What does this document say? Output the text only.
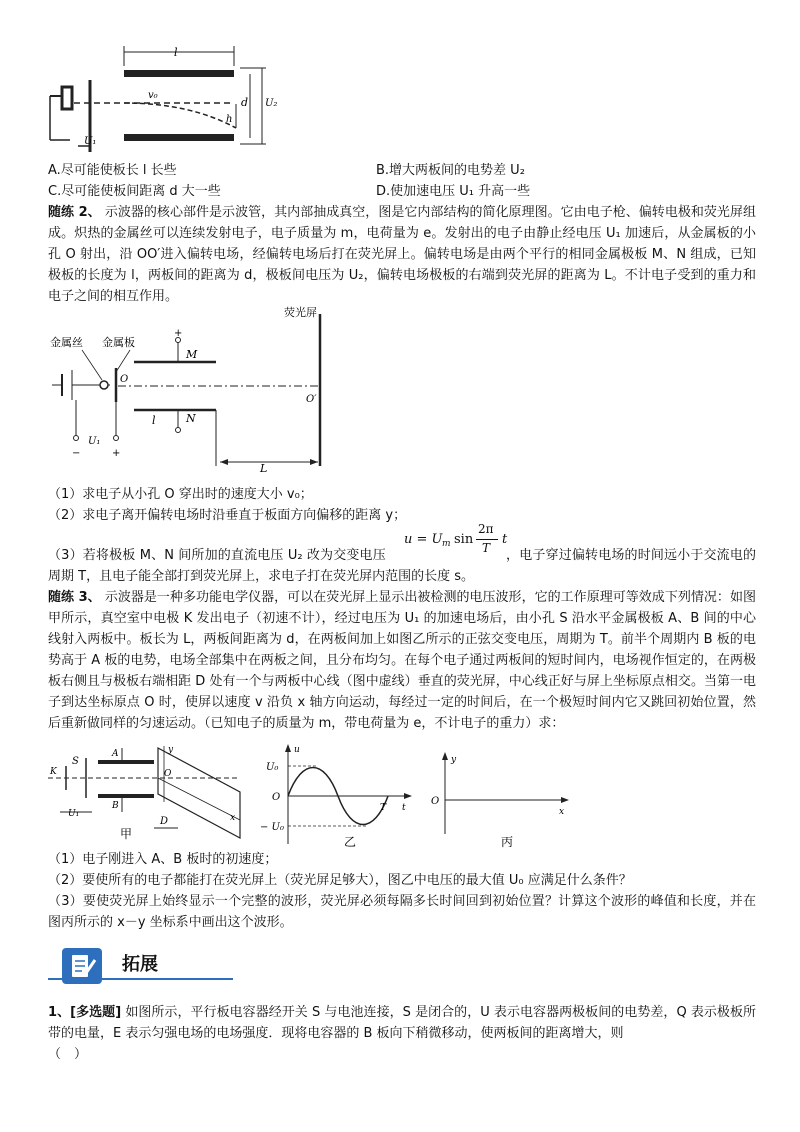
l
v₀
d U₂
h
U₁
A.尽可能使板长 l 长些	B.增大两板间的电势差 U₂
C.尽可能使板间距离 d 大一些	D.使加速电压 U₁ 升高一些
随练 2、 示波器的核心部件是示波管，其内部抽成真空，图是它内部结构的简化原理图。它由电子枪、偏转电极和荧光屏组成。炽热的金属丝可以连续发射电子，电子质量为 m，电荷量为 e。发射出的电子由静止经电压 U₁ 加速后，从金属板的小孔 O 射出，沿 OO′进入偏转电场，经偏转电场后打在荧光屏上。偏转电场是由两个平行的相同金属极板 M、N 组成，已知极板的长度为 l，两板间的距离为 d，极板间电压为 U₂，偏转电场极板的右端到荧光屏的距离为 L。不计电子受到的重力和电子之间的相互作用。
荧光屏
金属丝 金属板
M
N
O
O′
U₁
l
L
+
−	+
（1）求电子从小孔 O 穿出时的速度大小 v₀；
（2）求电子离开偏转电场时沿垂直于板面方向偏移的距离 y；
u = U m sin
2π
T
t
（3）若将极板 M、N 间所加的直流电压 U₂ 改为交变电压	，电子穿过偏转电场的时间远小于交流电的周期 T，且电子能全部打到荧光屏上，求电子打在荧光屏内范围的长度 s。
随练 3、 示波器是一种多功能电学仪器，可以在荧光屏上显示出被检测的电压波形，它的工作原理可等效成下列情况：如图甲所示，真空室中电极 K 发出电子（初速不计），经过电压为 U₁ 的加速电场后，由小孔 S 沿水平金属极板 A、B 间的中心线射入两板中。板长为 L，两板间距离为 d，在两板间加上如图乙所示的正弦交变电压，周期为 T。前半个周期内 B 板的电势高于 A 板的电势，电场全部集中在两板之间，且分布均匀。在每个电子通过两板间的短时间内，电场视作恒定的，在两极板右侧且与极板右端相距 D 处有一个与两板中心线（图中虚线）垂直的荧光屏，中心线正好与屏上坐标原点相交。当第一电子到达坐标原点 O 时，使屏以速度 v 沿负 x 轴方向运动，每经过一定的时间后，在一个极短时间内它又跳回初始位置，然后重新做同样的匀速运动。（已知电子的质量为 m，带电荷量为 e，不计电子的重力）求：
K
S
A
B
U₁
O
y
x
D
甲
u
U₀
O
− U₀
T t
乙
y
O
x
丙
（1）电子刚进入 A、B 板时的初速度；
（2）要使所有的电子都能打在荧光屏上（荧光屏足够大），图乙中电压的最大值 U₀ 应满足什么条件？
（3）要使荧光屏上始终显示一个完整的波形，荧光屏必须每隔多长时间回到初始位置？计算这个波形的峰值和长度，并在图丙所示的 x－y 坐标系中画出这个波形。
拓展
1、[多选题] 如图所示，平行板电容器经开关 S 与电池连接，S 是闭合的，U 表示电容器两极板间的电势差，Q 表示极板所带的电量，E 表示匀强电场的电场强度．现将电容器的 B 板向下稍微移动，使两板间的距离增大，则
（　）
